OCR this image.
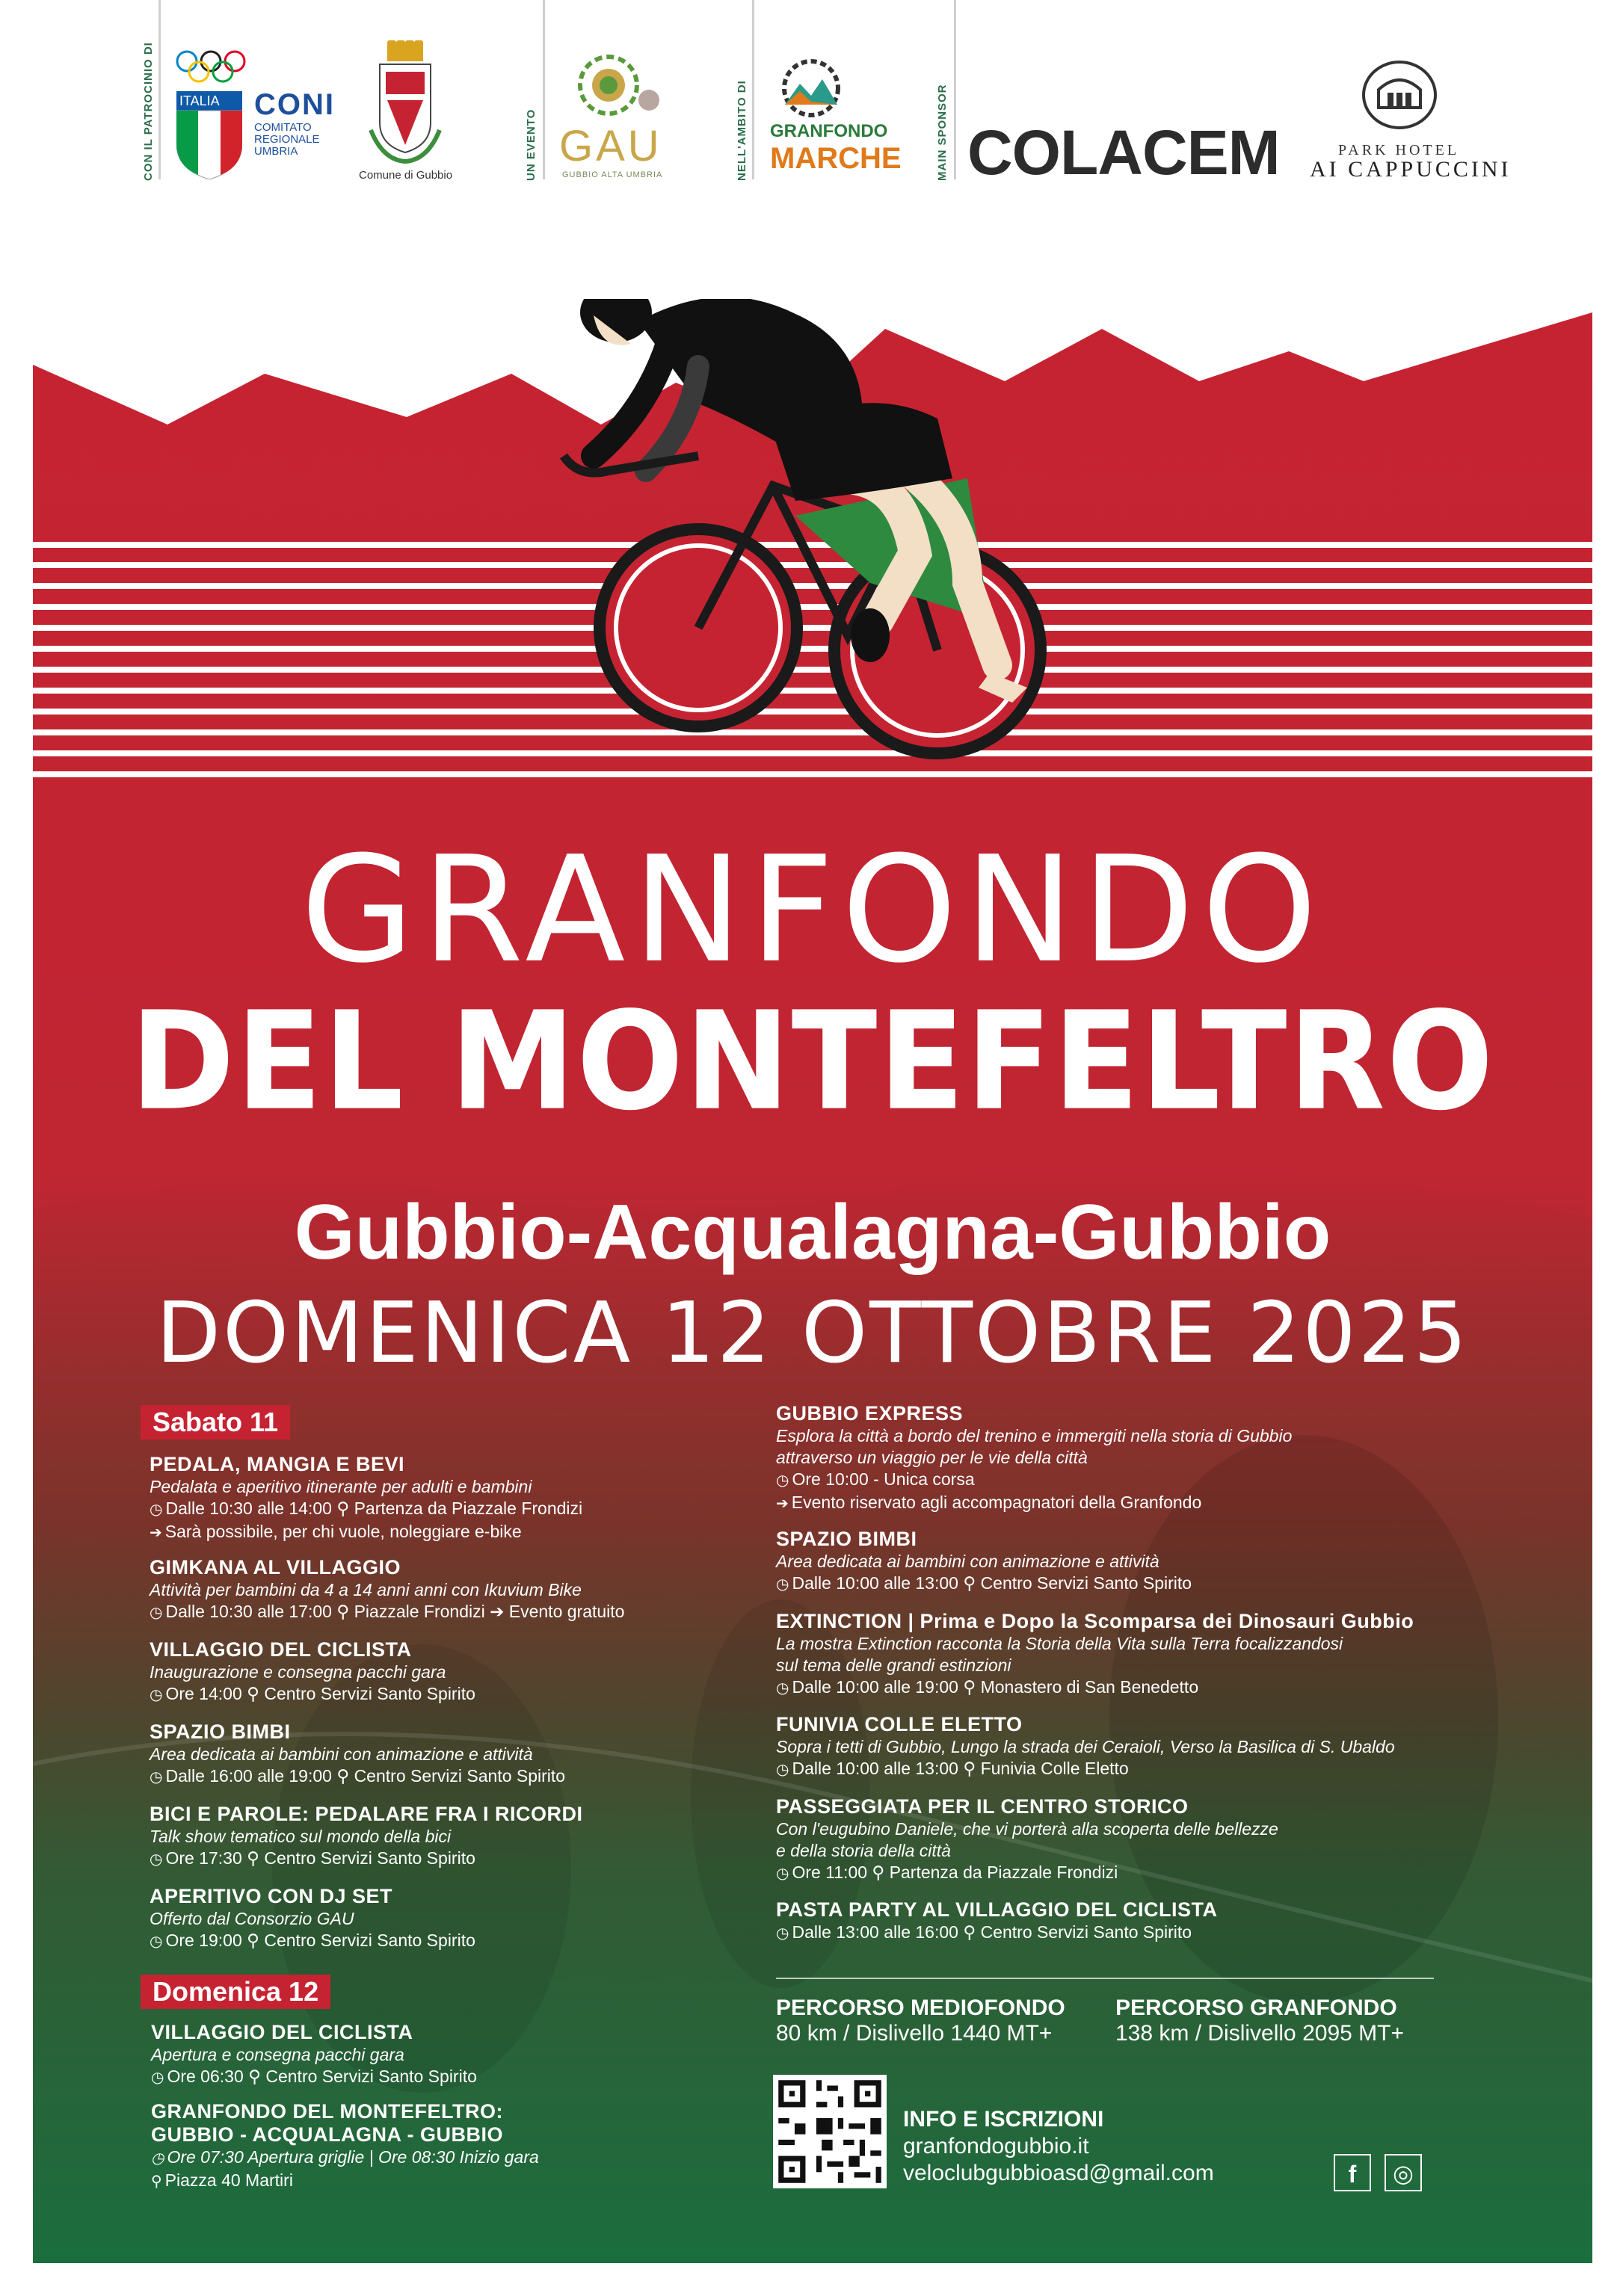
CON IL PATROCINIO DI ITALIA CONI
COMITATO
REGIONALE
UMBRIA
Comune di Gubbio	UN EVENTO GAU
GUBBIO ALTA UMBRIA	NELL'AMBITO DI GRANFONDO
MARCHE	MAIN SPONSOR COLACEM	PARK HOTEL
AI CAPPUCCINI
GRANFONDO
DEL MONTEFELTRO
Gubbio-Acqualagna-Gubbio
DOMENICA 12 OTTOBRE 2025
Sabato 11
PEDALA, MANGIA E BEVI
Pedalata e aperitivo itinerante per adulti e bambini
◷ Dalle 10:30 alle 14:00 ⚲ Partenza da Piazzale Frondizi
➔ Sarà possibile, per chi vuole, noleggiare e-bike
GIMKANA AL VILLAGGIO
Attività per bambini da 4 a 14 anni anni con Ikuvium Bike
◷ Dalle 10:30 alle 17:00 ⚲ Piazzale Frondizi ➔ Evento gratuito
VILLAGGIO DEL CICLISTA
Inaugurazione e consegna pacchi gara
◷ Ore 14:00 ⚲ Centro Servizi Santo Spirito
SPAZIO BIMBI
Area dedicata ai bambini con animazione e attività
◷ Dalle 16:00 alle 19:00 ⚲ Centro Servizi Santo Spirito
BICI E PAROLE: PEDALARE FRA I RICORDI
Talk show tematico sul mondo della bici
◷ Ore 17:30 ⚲ Centro Servizi Santo Spirito
APERITIVO CON DJ SET
Offerto dal Consorzio GAU
◷ Ore 19:00 ⚲ Centro Servizi Santo Spirito
Domenica 12
VILLAGGIO DEL CICLISTA
Apertura e consegna pacchi gara
◷ Ore 06:30 ⚲ Centro Servizi Santo Spirito
GRANFONDO DEL MONTEFELTRO:
GUBBIO - ACQUALAGNA - GUBBIO
◷ Ore 07:30 Apertura griglie | Ore 08:30 Inizio gara
⚲ Piazza 40 Martiri
GUBBIO EXPRESS
Esplora la città a bordo del trenino e immergiti nella storia di Gubbio
attraverso un viaggio per le vie della città
◷ Ore 10:00 - Unica corsa
➔ Evento riservato agli accompagnatori della Granfondo
SPAZIO BIMBI
Area dedicata ai bambini con animazione e attività
◷ Dalle 10:00 alle 13:00 ⚲ Centro Servizi Santo Spirito
EXTINCTION | Prima e Dopo la Scomparsa dei Dinosauri Gubbio
La mostra Extinction racconta la Storia della Vita sulla Terra focalizzandosi
sul tema delle grandi estinzioni
◷ Dalle 10:00 alle 19:00 ⚲ Monastero di San Benedetto
FUNIVIA COLLE ELETTO
Sopra i tetti di Gubbio, Lungo la strada dei Ceraioli, Verso la Basilica di S. Ubaldo
◷ Dalle 10:00 alle 13:00 ⚲ Funivia Colle Eletto
PASSEGGIATA PER IL CENTRO STORICO
Con l'eugubino Daniele, che vi porterà alla scoperta delle bellezze
e della storia della città
◷ Ore 11:00 ⚲ Partenza da Piazzale Frondizi
PASTA PARTY AL VILLAGGIO DEL CICLISTA
◷ Dalle 13:00 alle 16:00 ⚲ Centro Servizi Santo Spirito
PERCORSO MEDIOFONDO
80 km / Dislivello 1440 MT+
PERCORSO GRANFONDO
138 km / Dislivello 2095 MT+
INFO E ISCRIZIONI
granfondogubbio.it
veloclubgubbioasd@gmail.com	f	◎
